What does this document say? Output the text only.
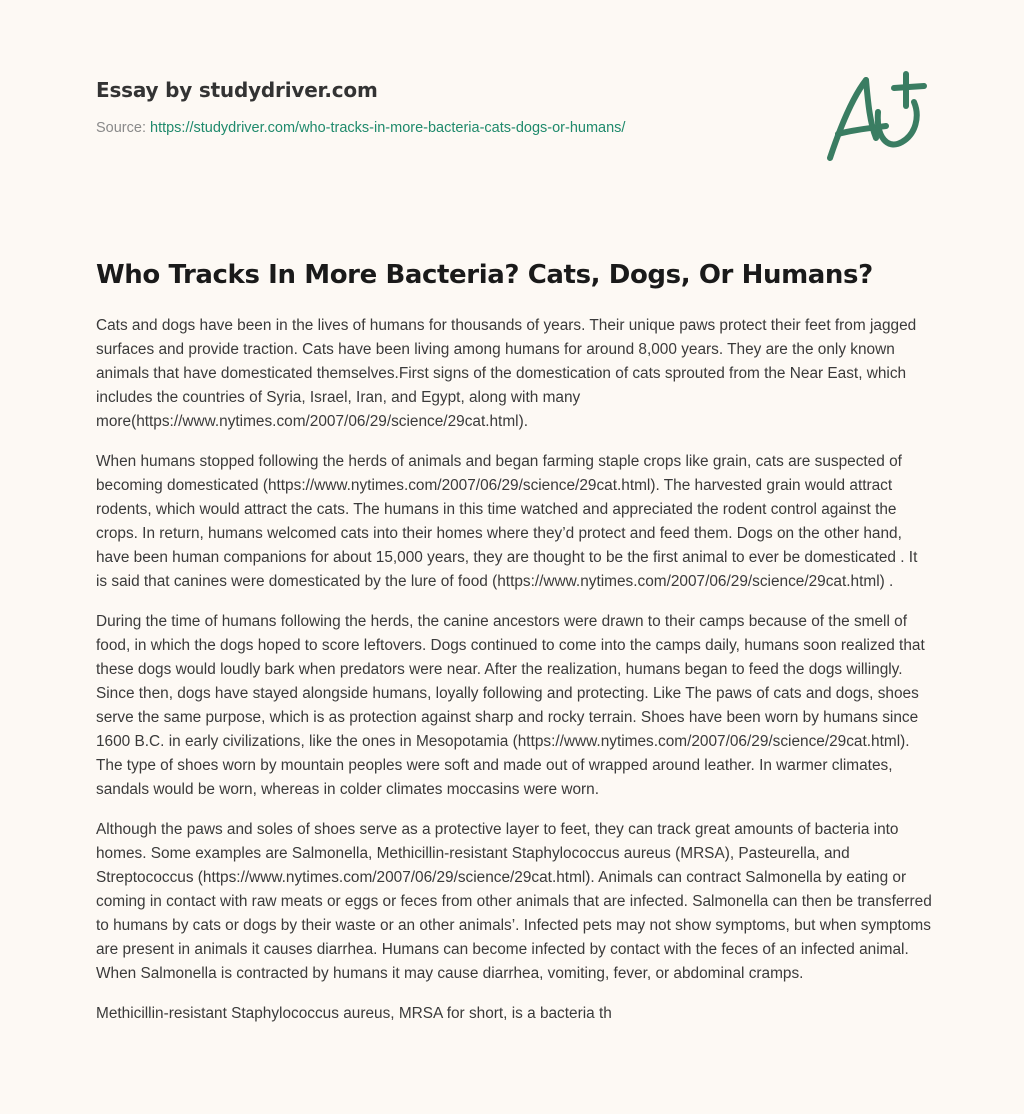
Essay by studydriver.com
Source: https://studydriver.com/who-tracks-in-more-bacteria-cats-dogs-or-humans/
Who Tracks In More Bacteria? Cats, Dogs, Or Humans?

Cats and dogs have been in the lives of humans for thousands of years. Their unique paws protect their feet from jagged surfaces and provide traction. Cats have been living among humans for around 8,000 years. They are the only known animals that have domesticated themselves.First signs of the domestication of cats sprouted from the Near East, which includes the countries of Syria, Israel, Iran, and Egypt, along with many more(https://www.nytimes.com/2007/06/29/science/29cat.html).

When humans stopped following the herds of animals and began farming staple crops like grain, cats are suspected of becoming domesticated (https://www.nytimes.com/2007/06/29/science/29cat.html). The harvested grain would attract rodents, which would attract the cats. The humans in this time watched and appreciated the rodent control against the crops. In return, humans welcomed cats into their homes where they’d protect and feed them. Dogs on the other hand, have been human companions for about 15,000 years, they are thought to be the first animal to ever be domesticated . It is said that canines were domesticated by the lure of food (https://www.nytimes.com/2007/06/29/science/29cat.html) .

During the time of humans following the herds, the canine ancestors were drawn to their camps because of the smell of food, in which the dogs hoped to score leftovers. Dogs continued to come into the camps daily, humans soon realized that these dogs would loudly bark when predators were near. After the realization, humans began to feed the dogs willingly. Since then, dogs have stayed alongside humans, loyally following and protecting. Like The paws of cats and dogs, shoes serve the same purpose, which is as protection against sharp and rocky terrain. Shoes have been worn by humans since 1600 B.C. in early civilizations, like the ones in Mesopotamia (https://www.nytimes.com/2007/06/29/science/29cat.html). The type of shoes worn by mountain peoples were soft and made out of wrapped around leather. In warmer climates, sandals would be worn, whereas in colder climates moccasins were worn.

Although the paws and soles of shoes serve as a protective layer to feet, they can track great amounts of bacteria into homes. Some examples are Salmonella, Methicillin-resistant Staphylococcus aureus (MRSA), Pasteurella, and Streptococcus (https://www.nytimes.com/2007/06/29/science/29cat.html). Animals can contract Salmonella by eating or coming in contact with raw meats or eggs or feces from other animals that are infected. Salmonella can then be transferred to humans by cats or dogs by their waste or an other animals’. Infected pets may not show symptoms, but when symptoms are present in animals it causes diarrhea. Humans can become infected by contact with the feces of an infected animal. When Salmonella is contracted by humans it may cause diarrhea, vomiting, fever, or abdominal cramps.

Methicillin-resistant Staphylococcus aureus, MRSA for short, is a bacteria th
